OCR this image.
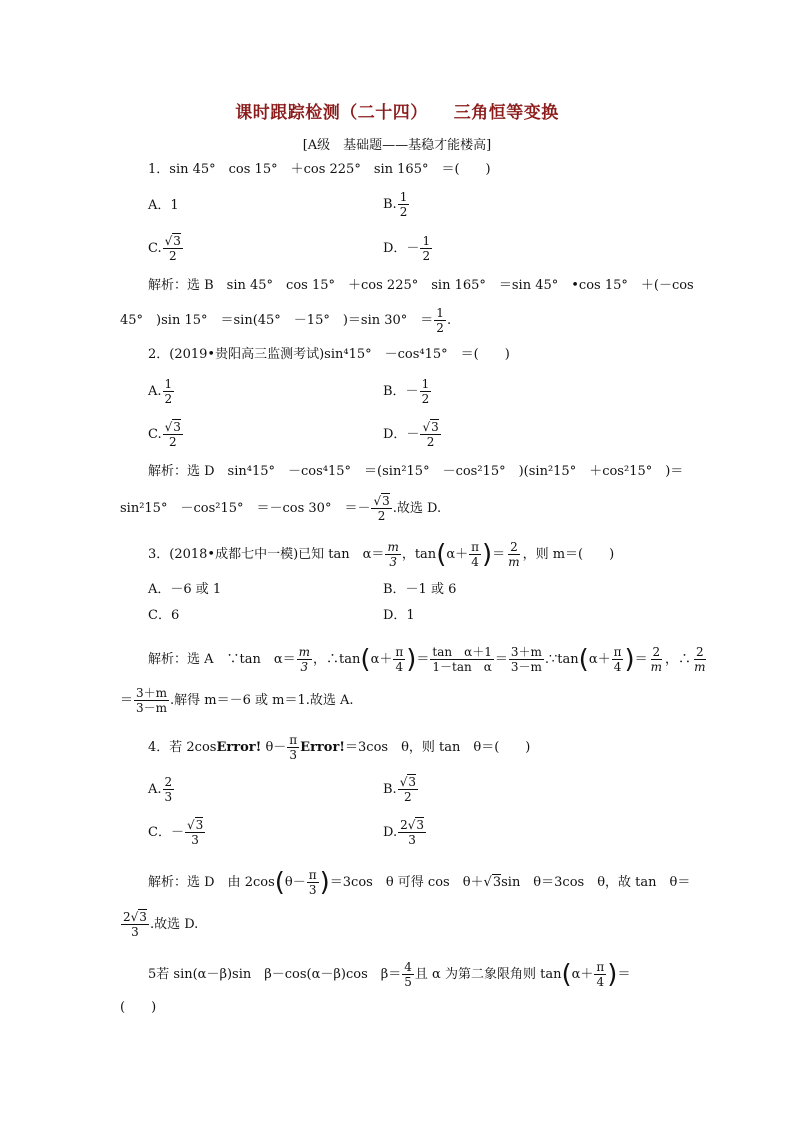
课时跟踪检测（二十四） 三角恒等变换
[A级　基础题——基稳才能楼高]
1．sin 45°　cos 15°　＋cos 225°　sin 165°　＝(　　)
A．1	B. $\frac{1}{2}$
C. $\frac{√3}{2}$	D．－ $\frac{1}{2}$
解析：选 B　sin 45°　cos 15°　＋cos 225°　sin 165°　＝sin 45°　•cos 15°　＋(－cos
45°　)sin 15°　＝sin(45°　－15°　)＝sin 30°　＝ $\frac{1}{2}$ .
2．(2019•贵阳高三监测考试)sin⁴15°　－cos⁴15°　＝(　　)
A. $\frac{1}{2}$	B．－ $\frac{1}{2}$
C. $\frac{√3}{2}$	D．－ $\frac{√3}{2}$
解析：选 D　sin⁴15°　－cos⁴15°　＝(sin²15°　－cos²15°　)(sin²15°　＋cos²15°　)＝
sin²15°　－cos²15°　＝－cos 30°　＝－ $\frac{√3}{2}$ .故选 D.
3．(2018•成都七中一模)已知 tan　$\alpha= \frac{m}{3}$ ，$\tan(\alpha+ \frac{\pi}{4}$ )＝ $\frac{2}{m}$ ，则 m＝(　　)
A．－6 或 1	B．－1 或 6
C．6	D．1
解析：选 A　∵tan　$\alpha= \frac{m}{3}$ ，∴tan(α＋ $\frac{\pi}{4}$ )＝ $\frac{\text{tan　α＋1}}{\text{1－tan　α}} = \frac{3+m}{3-m}$ .∵tan(α＋ $\frac{\pi}{4}$ )＝ $\frac{2}{m}$ ，∴ $\frac{2}{m}$
＝ $\frac{3+m}{3-m}$ .解得 m＝－6 或 m＝1.故选 A.
4．若 2cosError! $\theta- \frac{\pi}{3}$ Error!＝3cos　θ，则 tan　θ＝(　　)
A. $\frac{2}{3}$	B. $\frac{√3}{2}$
C．－ $\frac{√3}{3}$	D. $\frac{2√3}{3}$
解析：选 D　由 $2\cos(\theta- \frac{\pi}{3} )=3\cos$　θ 可得 cos　θ＋√3sin　θ＝3cos　θ，故 tan　θ＝
$\frac{2√3}{3}$ .故选 D.
5若 sin(α－β)sin　β－cos(α－β)cos　$\beta= \frac{4}{5}$ 且 α 为第二象限角则 $\tan(\alpha+ \frac{\pi}{4}$ )＝
(　　)
